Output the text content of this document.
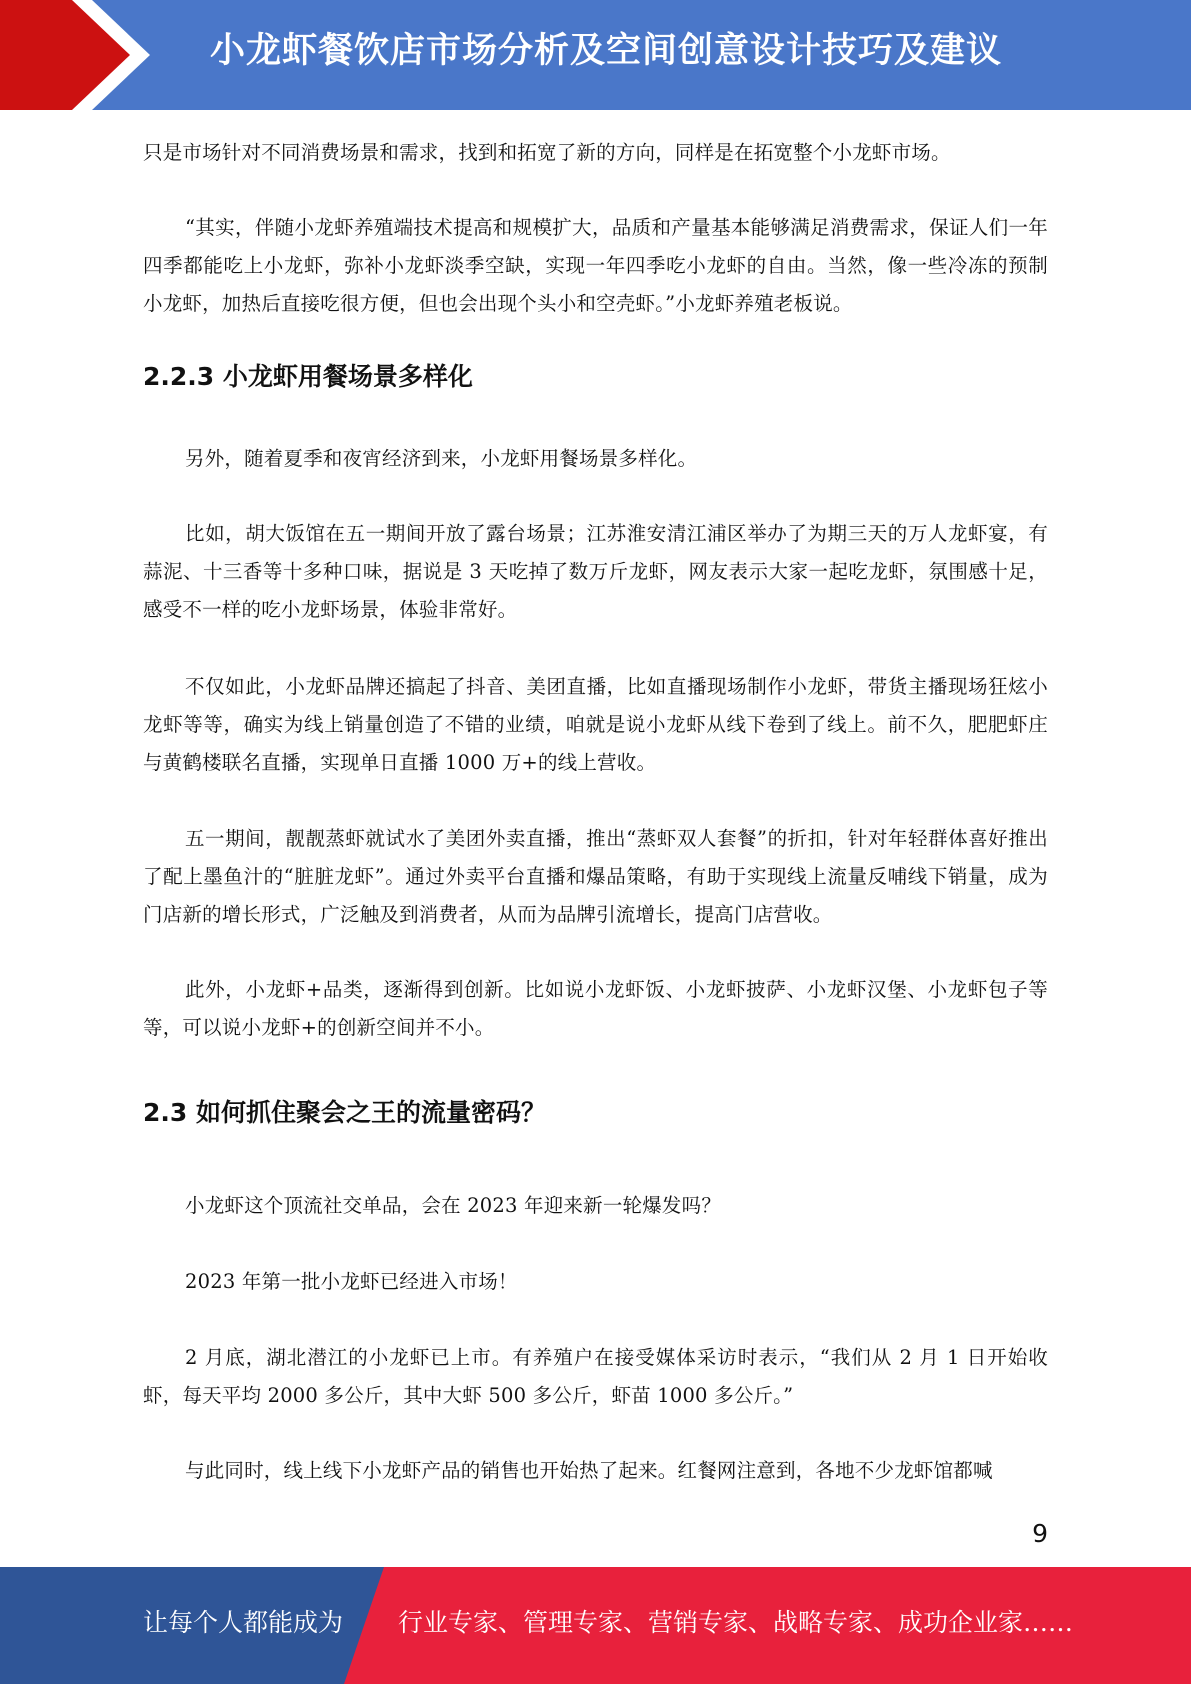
小龙虾餐饮店市场分析及空间创意设计技巧及建议

只是市场针对不同消费场景和需求，找到和拓宽了新的方向，同样是在拓宽整个小龙虾市场。

“其实，伴随小龙虾养殖端技术提高和规模扩大，品质和产量基本能够满足消费需求，保证人们一年四季都能吃上小龙虾，弥补小龙虾淡季空缺，实现一年四季吃小龙虾的自由。当然，像一些冷冻的预制小龙虾，加热后直接吃很方便，但也会出现个头小和空壳虾。”小龙虾养殖老板说。

2.2.3 小龙虾用餐场景多样化

另外，随着夏季和夜宵经济到来，小龙虾用餐场景多样化。

比如，胡大饭馆在五一期间开放了露台场景；江苏淮安清江浦区举办了为期三天的万人龙虾宴，有蒜泥、十三香等十多种口味，据说是 3 天吃掉了数万斤龙虾，网友表示大家一起吃龙虾，氛围感十足，感受不一样的吃小龙虾场景，体验非常好。

不仅如此，小龙虾品牌还搞起了抖音、美团直播，比如直播现场制作小龙虾，带货主播现场狂炫小龙虾等等，确实为线上销量创造了不错的业绩，咱就是说小龙虾从线下卷到了线上。前不久，肥肥虾庄与黄鹤楼联名直播，实现单日直播 1000 万+的线上营收。

五一期间，靓靓蒸虾就试水了美团外卖直播，推出“蒸虾双人套餐”的折扣，针对年轻群体喜好推出了配上墨鱼汁的“脏脏龙虾”。通过外卖平台直播和爆品策略，有助于实现线上流量反哺线下销量，成为门店新的增长形式，广泛触及到消费者，从而为品牌引流增长，提高门店营收。

此外，小龙虾+品类，逐渐得到创新。比如说小龙虾饭、小龙虾披萨、小龙虾汉堡、小龙虾包子等等，可以说小龙虾+的创新空间并不小。

2.3 如何抓住聚会之王的流量密码？

小龙虾这个顶流社交单品，会在 2023 年迎来新一轮爆发吗？

2023 年第一批小龙虾已经进入市场！

2 月底，湖北潜江的小龙虾已上市。有养殖户在接受媒体采访时表示，“我们从 2 月 1 日开始收虾，每天平均 2000 多公斤，其中大虾 500 多公斤，虾苗 1000 多公斤。”

与此同时，线上线下小龙虾产品的销售也开始热了起来。红餐网注意到，各地不少龙虾馆都喊

9
让每个人都能成为 行业专家、管理专家、营销专家、战略专家、成功企业家……
